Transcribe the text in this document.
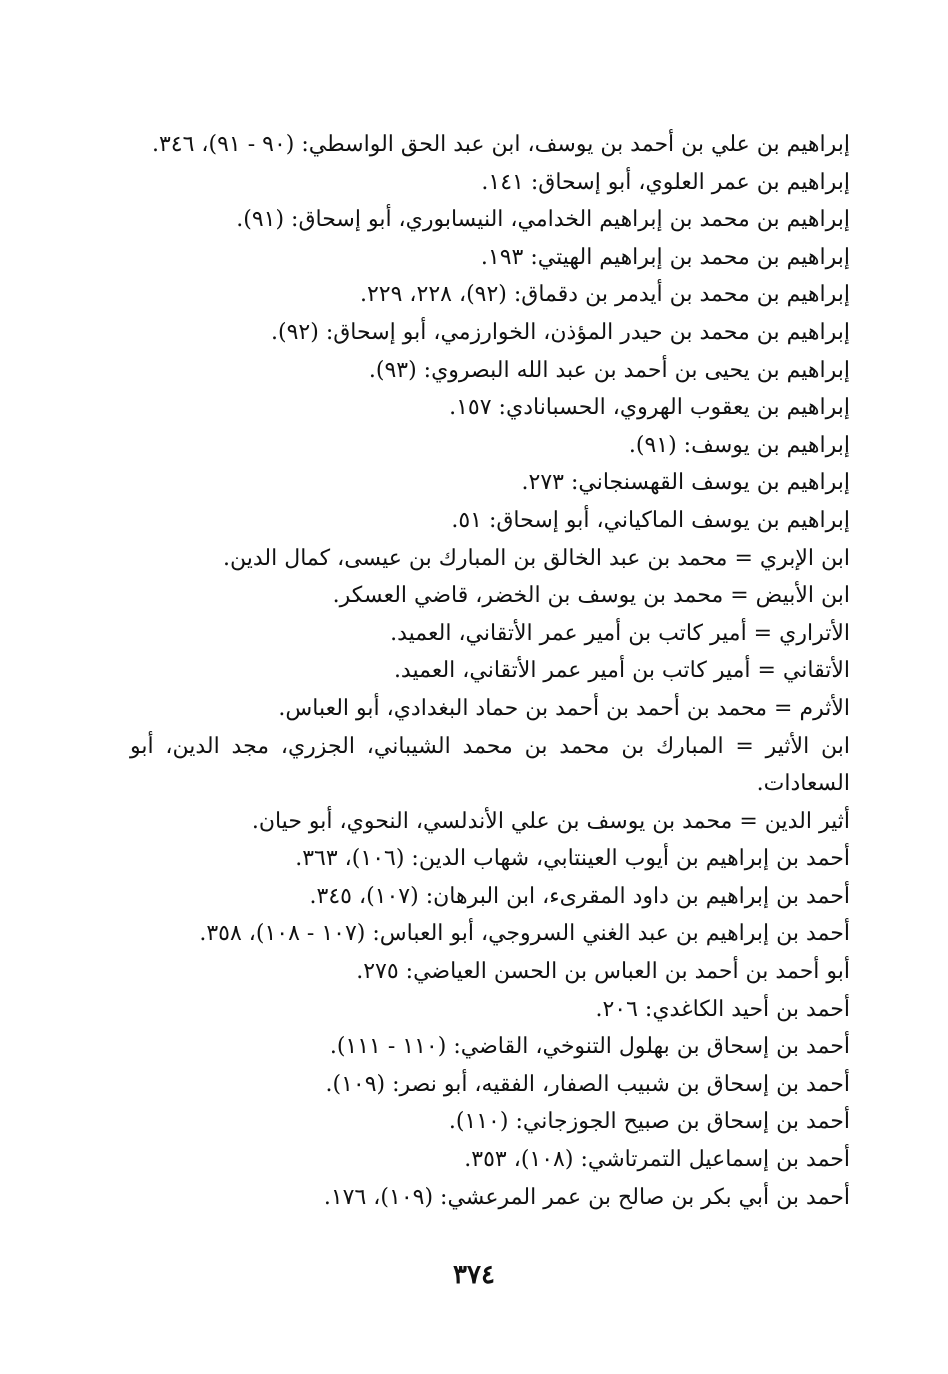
إبراهيم بن علي بن أحمد بن يوسف، ابن عبد الحق الواسطي: (٩٠ - ٩١)، ٣٤٦.
إبراهيم بن عمر العلوي، أبو إسحاق: ١٤١.
إبراهيم بن محمد بن إبراهيم الخدامي، النيسابوري، أبو إسحاق: (٩١).
إبراهيم بن محمد بن إبراهيم الهيتي: ١٩٣.
إبراهيم بن محمد بن أيدمر بن دقماق: (٩٢)، ٢٢٨، ٢٢٩.
إبراهيم بن محمد بن حيدر المؤذن، الخوارزمي، أبو إسحاق: (٩٢).
إبراهيم بن يحيى بن أحمد بن عبد الله البصروي: (٩٣).
إبراهيم بن يعقوب الهروي، الحسبانادي: ١٥٧.
إبراهيم بن يوسف: (٩١).
إبراهيم بن يوسف القهسنجاني: ٢٧٣.
إبراهيم بن يوسف الماكياني، أبو إسحاق: ٥١.
ابن الإبري = محمد بن عبد الخالق بن المبارك بن عيسى، كمال الدين.
ابن الأبيض = محمد بن يوسف بن الخضر، قاضي العسكر.
الأتراري = أمير كاتب بن أمير عمر الأتقاني، العميد.
الأتقاني = أمير كاتب بن أمير عمر الأتقاني، العميد.
الأثرم = محمد بن أحمد بن أحمد بن حماد البغدادي، أبو العباس.
ابن الأثير = المبارك بن محمد بن محمد الشيباني، الجزري، مجد الدين، أبو السعادات.
أثير الدين = محمد بن يوسف بن علي الأندلسي، النحوي، أبو حيان.
أحمد بن إبراهيم بن أيوب العينتابي، شهاب الدين: (١٠٦)، ٣٦٣.
أحمد بن إبراهيم بن داود المقرىء، ابن البرهان: (١٠٧)، ٣٤٥.
أحمد بن إبراهيم بن عبد الغني السروجي، أبو العباس: (١٠٧ - ١٠٨)، ٣٥٨.
أبو أحمد بن أحمد بن العباس بن الحسن العياضي: ٢٧٥.
أحمد بن أحيد الكاغدي: ٢٠٦.
أحمد بن إسحاق بن بهلول التنوخي، القاضي: (١١٠ - ١١١).
أحمد بن إسحاق بن شبيب الصفار، الفقيه، أبو نصر: (١٠٩).
أحمد بن إسحاق بن صبيح الجوزجاني: (١١٠).
أحمد بن إسماعيل التمرتاشي: (١٠٨)، ٣٥٣.
أحمد بن أبي بكر بن صالح بن عمر المرعشي: (١٠٩)، ١٧٦.

٣٧٤
